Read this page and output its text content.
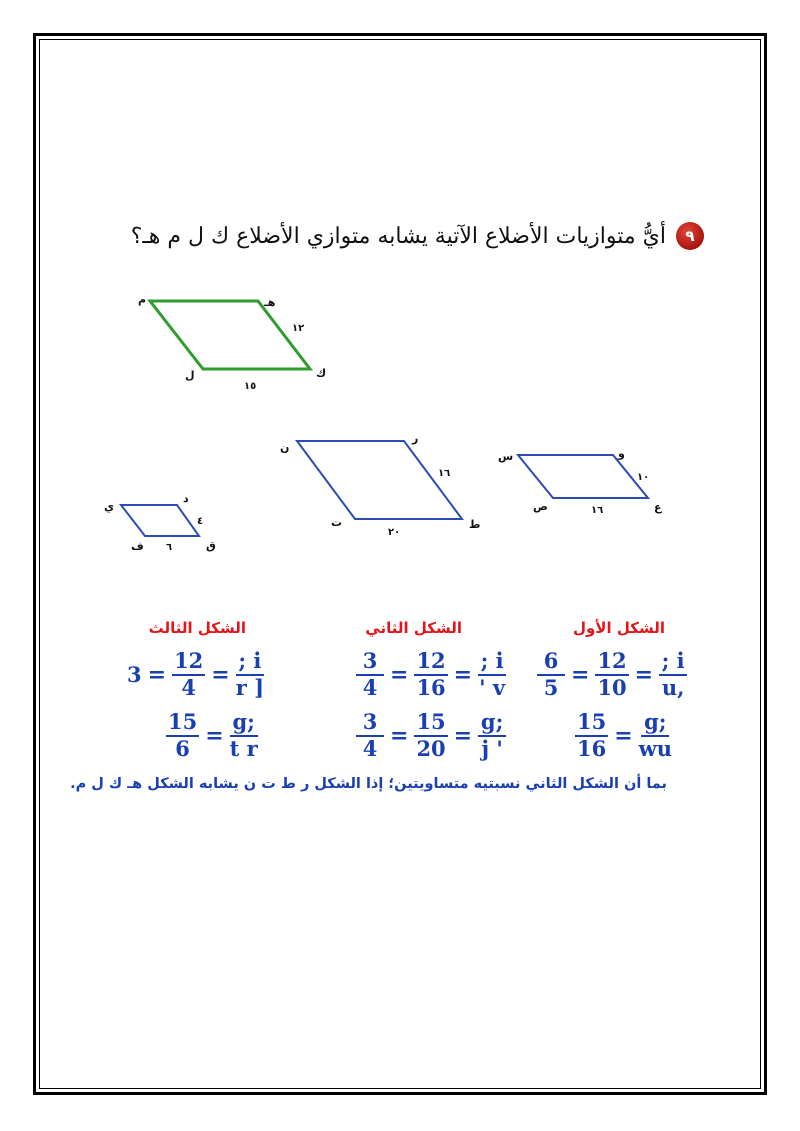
٩
أيُّ متوازيات الأضلاع الآتية يشابه متوازي الأضلاع ك ل م هـ؟
م	هـ
ك
ل
١٢
١٥
س	و
ع
ص
١٠
١٦
ن
ر
ط
ت
١٦
٢٠
ي
د
ق
ف
٤
٦
الشكل الأول
الشكل الثاني
الشكل الثالث
$\frac{6}{5} = \frac{12}{10} = \frac{; i}{u,}$
$\frac{15}{16} = \frac{g;}{wu}$
$\frac{3}{4} = \frac{12}{16} = \frac{; i}{' v}$
$\frac{3}{4} = \frac{15}{20} = \frac{g;}{j '}$
$3 = \frac{12}{4} = \frac{; i}{r ]}$
$\frac{15}{6} = \frac{g;}{\text{t r}}$
بما أن الشكل الثاني نسبتيه متساويتين؛ إذا الشكل ر ط ت ن يشابه الشكل هـ ك ل م.
